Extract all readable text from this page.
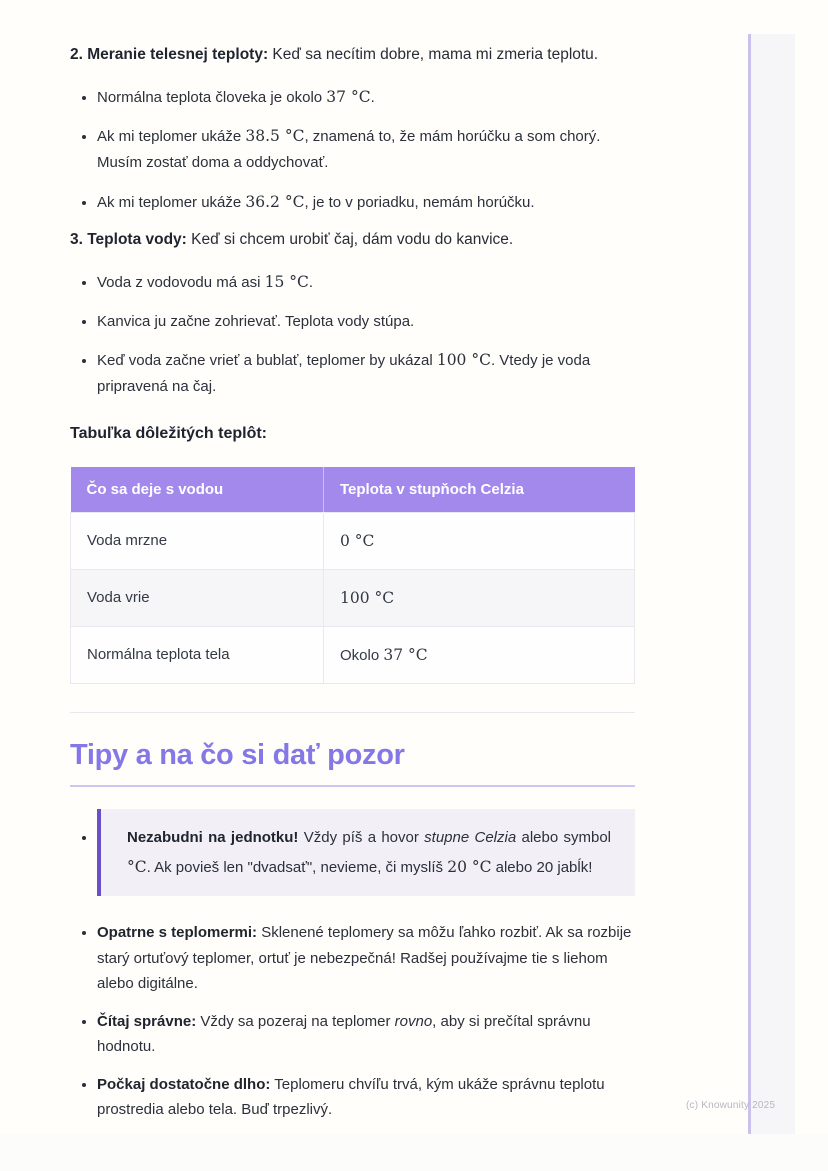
2. Meranie telesnej teploty: Keď sa necítim dobre, mama mi zmeria teplotu.

• Normálna teplota človeka je okolo 37 °C.
• Ak mi teplomer ukáže 38.5 °C, znamená to, že mám horúčku a som chorý. Musím zostať doma a oddychovať.
• Ak mi teplomer ukáže 36.2 °C, je to v poriadku, nemám horúčku.

3. Teplota vody: Keď si chcem urobiť čaj, dám vodu do kanvice.

• Voda z vodovodu má asi 15 °C.
• Kanvica ju začne zohrievať. Teplota vody stúpa.
• Keď voda začne vrieť a bublať, teplomer by ukázal 100 °C. Vtedy je voda pripravená na čaj.
Tabuľka dôležitých teplôt:
Čo sa deje s vodou	Teplota v stupňoch Celzia
Voda mrzne	0 °C
Voda vrie	100 °C
Normálna teplota tela	Okolo 37 °C
Tipy a na čo si dať pozor
• Nezabudni na jednotku! Vždy píš a hovor stupne Celzia alebo symbol °C. Ak povieš len "dvadsať", nevieme, či myslíš 20 °C alebo 20 jabĺk!
• Opatrne s teplomermi: Sklenené teplomery sa môžu ľahko rozbiť. Ak sa rozbije starý ortuťový teplomer, ortuť je nebezpečná! Radšej používajme tie s liehom alebo digitálne.
• Čítaj správne: Vždy sa pozeraj na teplomer rovno, aby si prečítal správnu hodnotu.
• Počkaj dostatočne dlho: Teplomeru chvíľu trvá, kým ukáže správnu teplotu prostredia alebo tela. Buď trpezlivý.	(c) Knowunity 2025
